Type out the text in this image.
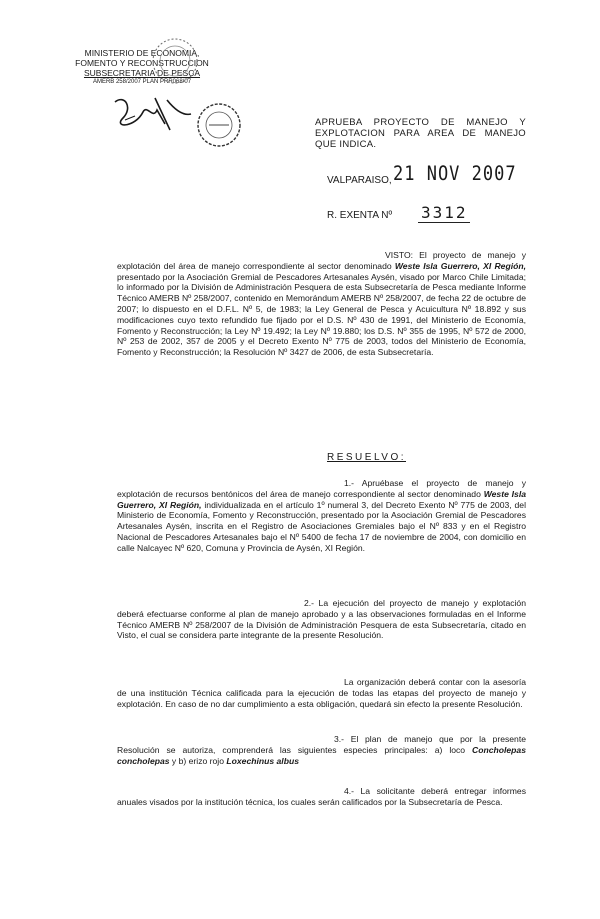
MINISTERIO DE ECONOMIA,
FOMENTO Y RECONSTRUCCION
SUBSECRETARIA DE PESCA
AMERB 258/2007 PLAN PRR068/07
APRUEBA PROYECTO DE MANEJO Y EXPLOTACION PARA AREA DE MANEJO QUE INDICA.
VALPARAISO, 21 NOV 2007
R. EXENTA Nº 3312
VISTO: El proyecto de manejo y explotación del área de manejo correspondiente al sector denominado Weste Isla Guerrero, XI Región, presentado por la Asociación Gremial de Pescadores Artesanales Aysén, visado por Marco Chile Limitada; lo informado por la División de Administración Pesquera de esta Subsecretaría de Pesca mediante Informe Técnico AMERB Nº 258/2007, contenido en Memorándum AMERB Nº 258/2007, de fecha 22 de octubre de 2007; lo dispuesto en el D.F.L. Nº 5, de 1983; la Ley General de Pesca y Acuicultura Nº 18.892 y sus modificaciones cuyo texto refundido fue fijado por el D.S. Nº 430 de 1991, del Ministerio de Economía, Fomento y Reconstrucción; la Ley Nº 19.492; la Ley Nº 19.880; los D.S. Nº 355 de 1995, Nº 572 de 2000, Nº 253 de 2002, 357 de 2005 y el Decreto Exento Nº 775 de 2003, todos del Ministerio de Economía, Fomento y Reconstrucción; la Resolución Nº 3427 de 2006, de esta Subsecretaría.
RESUELVO:
1.- Apruébase el proyecto de manejo y explotación de recursos bentónicos del área de manejo correspondiente al sector denominado Weste Isla Guerrero, XI Región, individualizada en el artículo 1º numeral 3, del Decreto Exento Nº 775 de 2003, del Ministerio de Economía, Fomento y Reconstrucción, presentado por la Asociación Gremial de Pescadores Artesanales Aysén, inscrita en el Registro de Asociaciones Gremiales bajo el Nº 833 y en el Registro Nacional de Pescadores Artesanales bajo el Nº 5400 de fecha 17 de noviembre de 2004, con domicilio en calle Nalcayec Nº 620, Comuna y Provincia de Aysén, XI Región.
2.- La ejecución del proyecto de manejo y explotación deberá efectuarse conforme al plan de manejo aprobado y a las observaciones formuladas en el Informe Técnico AMERB Nº 258/2007 de la División de Administración Pesquera de esta Subsecretaría, citado en Visto, el cual se considera parte integrante de la presente Resolución.
La organización deberá contar con la asesoría de una institución Técnica calificada para la ejecución de todas las etapas del proyecto de manejo y explotación. En caso de no dar cumplimiento a esta obligación, quedará sin efecto la presente Resolución.
3.- El plan de manejo que por la presente Resolución se autoriza, comprenderá las siguientes especies principales: a) loco Concholepas concholepas y b) erizo rojo Loxechinus albus
4.- La solicitante deberá entregar informes anuales visados por la institución técnica, los cuales serán calificados por la Subsecretaría de Pesca.
